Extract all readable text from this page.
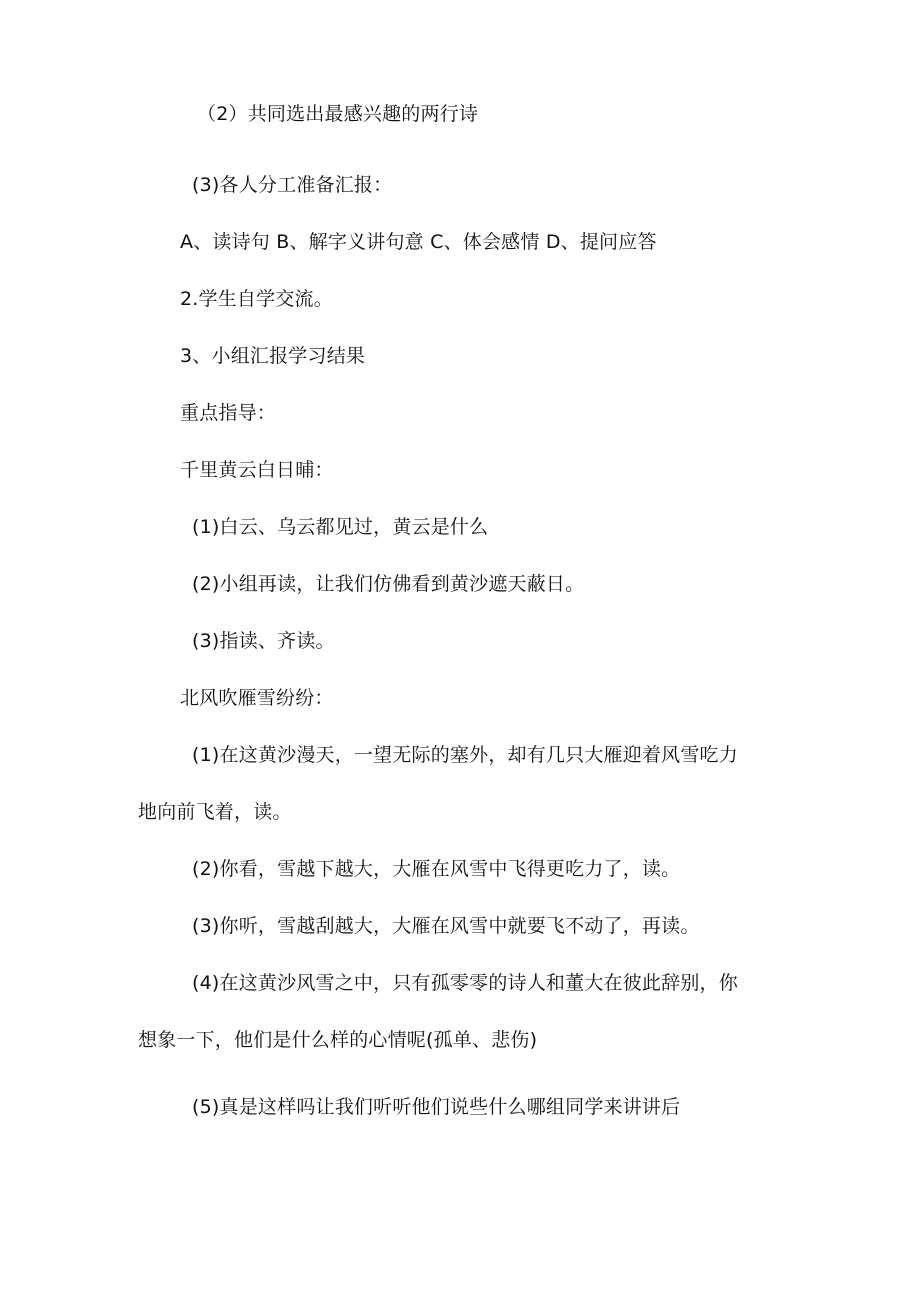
（2）共同选出最感兴趣的两行诗
(3)各人分工准备汇报：
A、读诗句 B、解字义讲句意 C、体会感情 D、提问应答
2.学生自学交流。
3、小组汇报学习结果
重点指导：
千里黄云白日晡：
(1)白云、乌云都见过，黄云是什么
(2)小组再读，让我们仿佛看到黄沙遮天蔽日。
(3)指读、齐读。
北风吹雁雪纷纷：
(1)在这黄沙漫天，一望无际的塞外，却有几只大雁迎着风雪吃力
地向前飞着，读。
(2)你看，雪越下越大，大雁在风雪中飞得更吃力了，读。
(3)你听，雪越刮越大，大雁在风雪中就要飞不动了，再读。
(4)在这黄沙风雪之中，只有孤零零的诗人和董大在彼此辞别，你
想象一下，他们是什么样的心情呢(孤单、悲伤)
(5)真是这样吗让我们听听他们说些什么哪组同学来讲讲后
